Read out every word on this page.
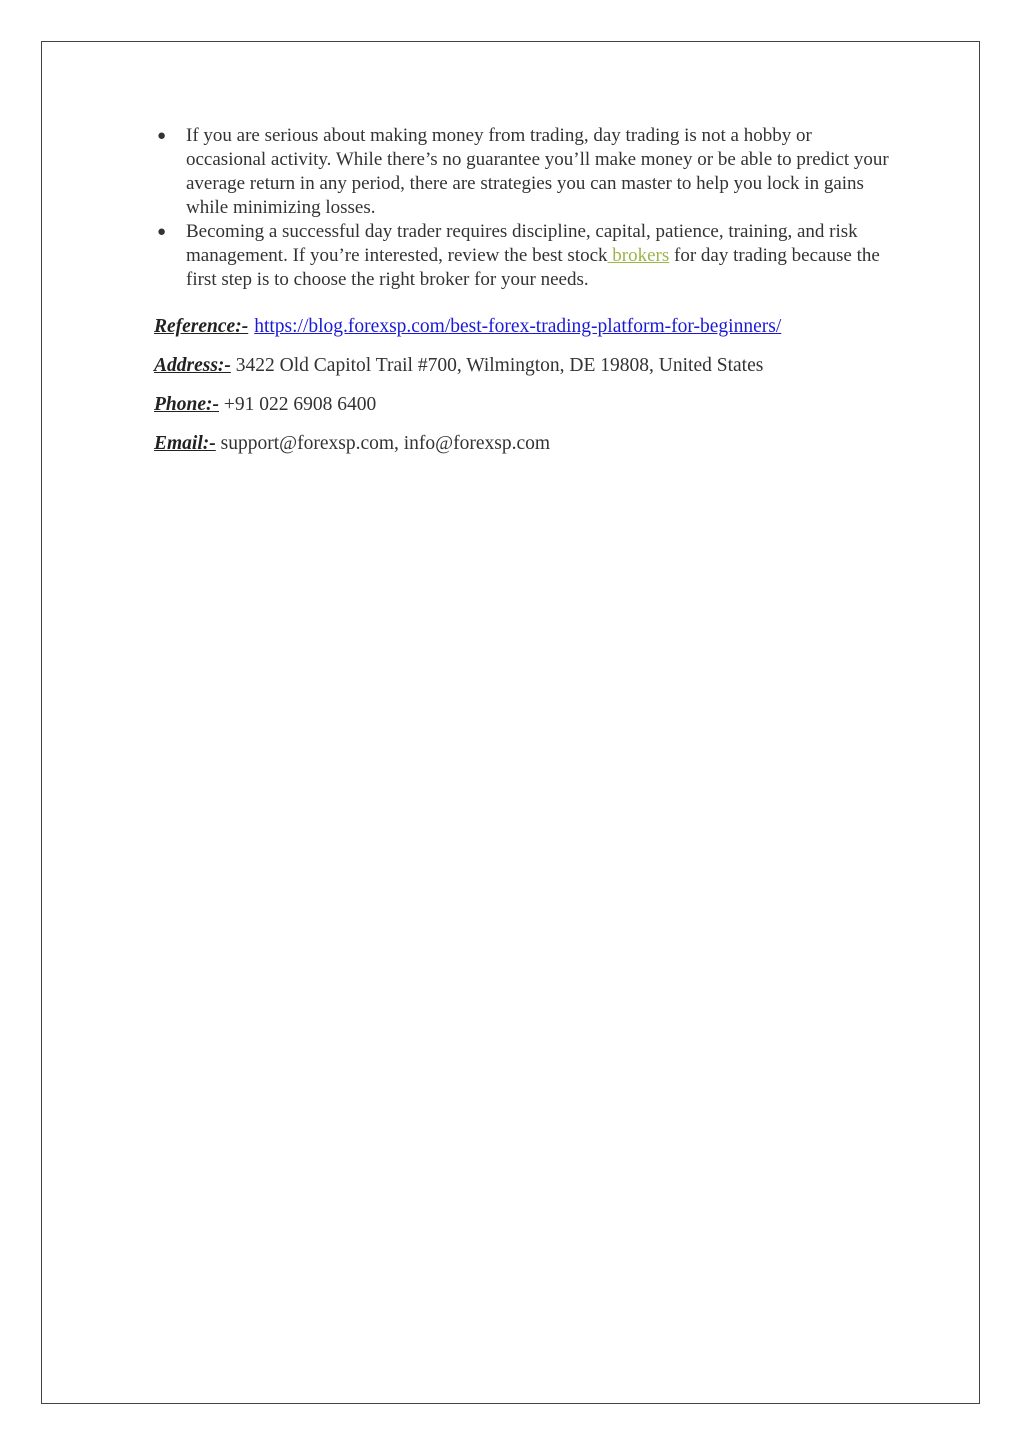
● If you are serious about making money from trading, day trading is not a hobby or occasional activity. While there’s no guarantee you’ll make money or be able to predict your average return in any period, there are strategies you can master to help you lock in gains while minimizing losses.
● Becoming a successful day trader requires discipline, capital, patience, training, and risk management. If you’re interested, review the best stock brokers for day trading because the first step is to choose the right broker for your needs.

Reference:- https://blog.forexsp.com/best-forex-trading-platform-for-beginners/

Address:- 3422 Old Capitol Trail #700, Wilmington, DE 19808, United States

Phone:- +91 022 6908 6400

Email:- support@forexsp.com, info@forexsp.com
